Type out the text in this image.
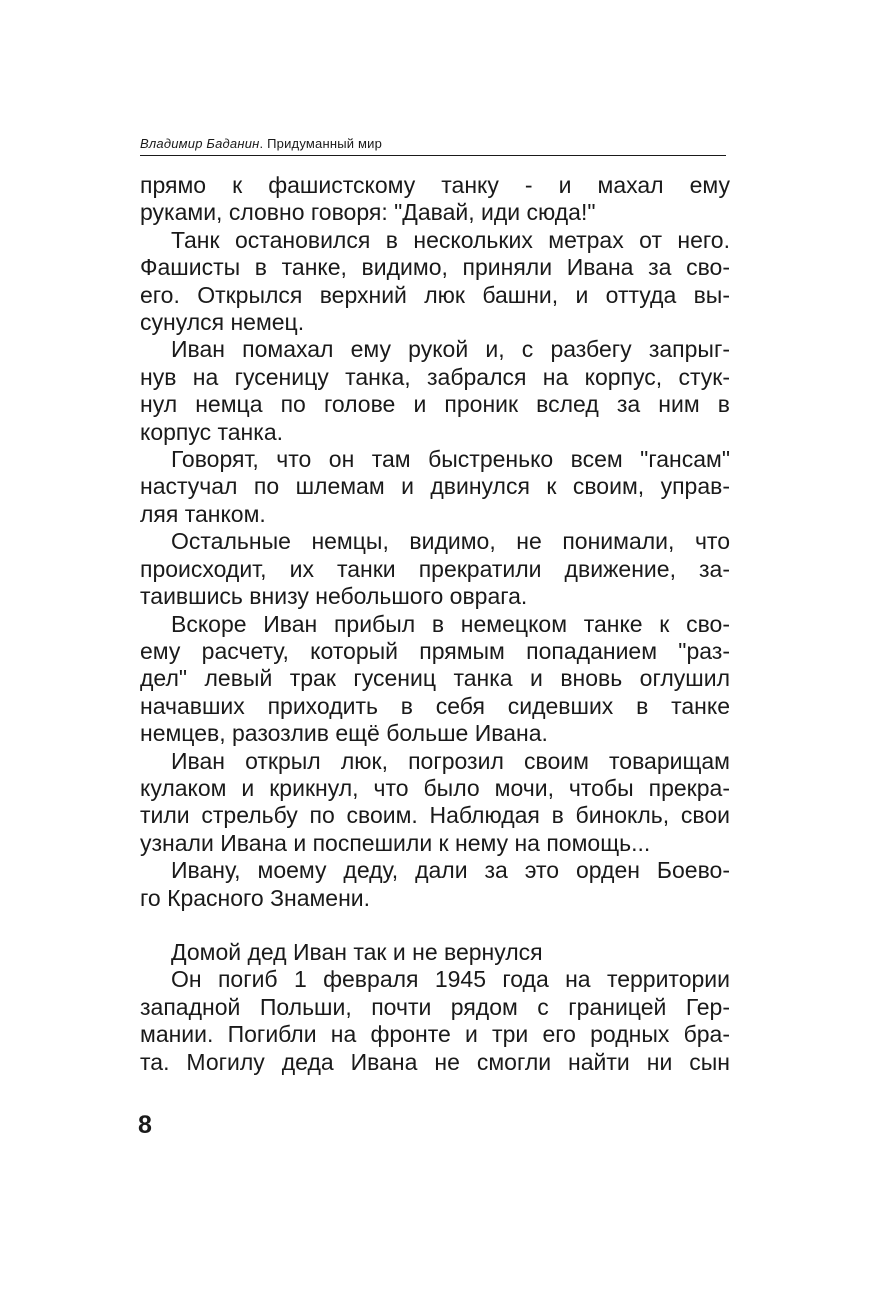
Владимир Баданин. Придуманный мир
прямо к фашистскому танку - и махал ему
руками, словно говоря: "Давай, иди сюда!"
Танк остановился в нескольких метрах от него.
Фашисты в танке, видимо, приняли Ивана за сво-
его. Открылся верхний люк башни, и оттуда вы-
сунулся немец.
Иван помахал ему рукой и, с разбегу запрыг-
нув на гусеницу танка, забрался на корпус, стук-
нул немца по голове и проник вслед за ним в
корпус танка.
Говорят, что он там быстренько всем "гансам"
настучал по шлемам и двинулся к своим, управ-
ляя танком.
Остальные немцы, видимо, не понимали, что
происходит, их танки прекратили движение, за-
таившись внизу небольшого оврага.
Вскоре Иван прибыл в немецком танке к сво-
ему расчету, который прямым попаданием "раз-
дел" левый трак гусениц танка и вновь оглушил
начавших приходить в себя сидевших в танке
немцев, разозлив ещё больше Ивана.
Иван открыл люк, погрозил своим товарищам
кулаком и крикнул, что было мочи, чтобы прекра-
тили стрельбу по своим. Наблюдая в бинокль, свои
узнали Ивана и поспешили к нему на помощь...
Ивану, моему деду, дали за это орден Боево-
го Красного Знамени.
Домой дед Иван так и не вернулся
Он погиб 1 февраля 1945 года на территории
западной Польши, почти рядом с границей Гер-
мании. Погибли на фронте и три его родных бра-
та. Могилу деда Ивана не смогли найти ни сын
8
